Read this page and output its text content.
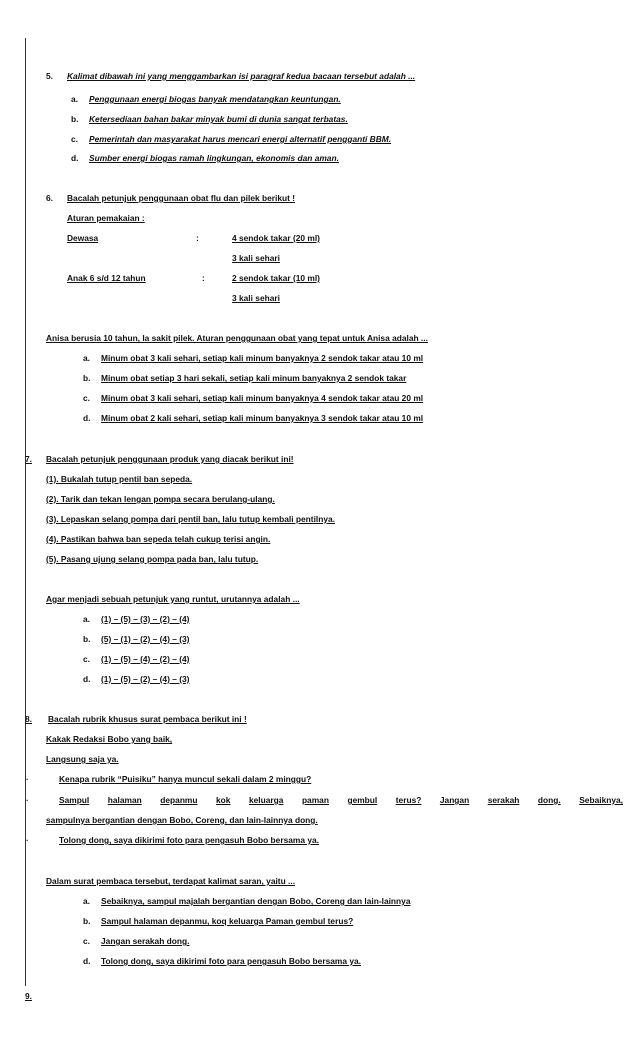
5. Kalimat dibawah ini yang menggambarkan isi paragraf kedua bacaan tersebut adalah ...
a. Penggunaan energi biogas banyak mendatangkan keuntungan.
b. Ketersediaan bahan bakar minyak bumi di dunia sangat terbatas.
c. Pemerintah dan masyarakat harus mencari energi alternatif pengganti BBM.
d. Sumber energi biogas ramah lingkungan, ekonomis dan aman.
6. Bacalah petunjuk penggunaan obat flu dan pilek berikut !
Aturan pemakaian :
Dewasa	:	4 sendok takar (20 ml)
3 kali sehari
Anak 6 s/d 12 tahun	:	2 sendok takar (10 ml)
3 kali sehari
Anisa berusia 10 tahun, Ia sakit pilek. Aturan penggunaan obat yang tepat untuk Anisa adalah ...
a. Minum obat 3 kali sehari, setiap kali minum banyaknya 2 sendok takar atau 10 ml
b. Minum obat setiap 3 hari sekali, setiap kali minum banyaknya 2 sendok takar
c. Minum obat 3 kali sehari, setiap kali minum banyaknya 4 sendok takar atau 20 ml
d. Minum obat 2 kali sehari, setiap kali minum banyaknya 3 sendok takar atau 10 ml
7. Bacalah petunjuk penggunaan produk yang diacak berikut ini!
(1). Bukalah tutup pentil ban sepeda.
(2). Tarik dan tekan lengan pompa secara berulang-ulang.
(3). Lepaskan selang pompa dari pentil ban, lalu tutup kembali pentilnya.
(4). Pastikan bahwa ban sepeda telah cukup terisi angin.
(5). Pasang ujung selang pompa pada ban, lalu tutup.
Agar menjadi sebuah petunjuk yang runtut, urutannya adalah ...
a. (1) – (5) – (3) – (2) – (4)
b. (5) – (1) – (2) – (4) – (3)
c. (1) – (5) – (4) – (2) – (4)
d. (1) – (5) – (2) – (4) – (3)
8. Bacalah rubrik khusus surat pembaca berikut ini !
Kakak Redaksi Bobo yang baik,
Langsung saja ya.
·	Kenapa rubrik “Puisiku” hanya muncul sekali dalam 2 minggu?
·	Sampul halaman depanmu kok keluarga paman gembul terus? Jangan serakah dong. Sebaiknya,
sampulnya bergantian dengan Bobo, Coreng, dan lain-lainnya dong.
·	Tolong dong, saya dikirimi foto para pengasuh Bobo bersama ya.
Dalam surat pembaca tersebut, terdapat kalimat saran, yaitu ...
a. Sebaiknya, sampul majalah bergantian dengan Bobo, Coreng dan lain-lainnya
b. Sampul halaman depanmu, koq keluarga Paman gembul terus?
c. Jangan serakah dong.
d. Tolong dong, saya dikirimi foto para pengasuh Bobo bersama ya.
9.
